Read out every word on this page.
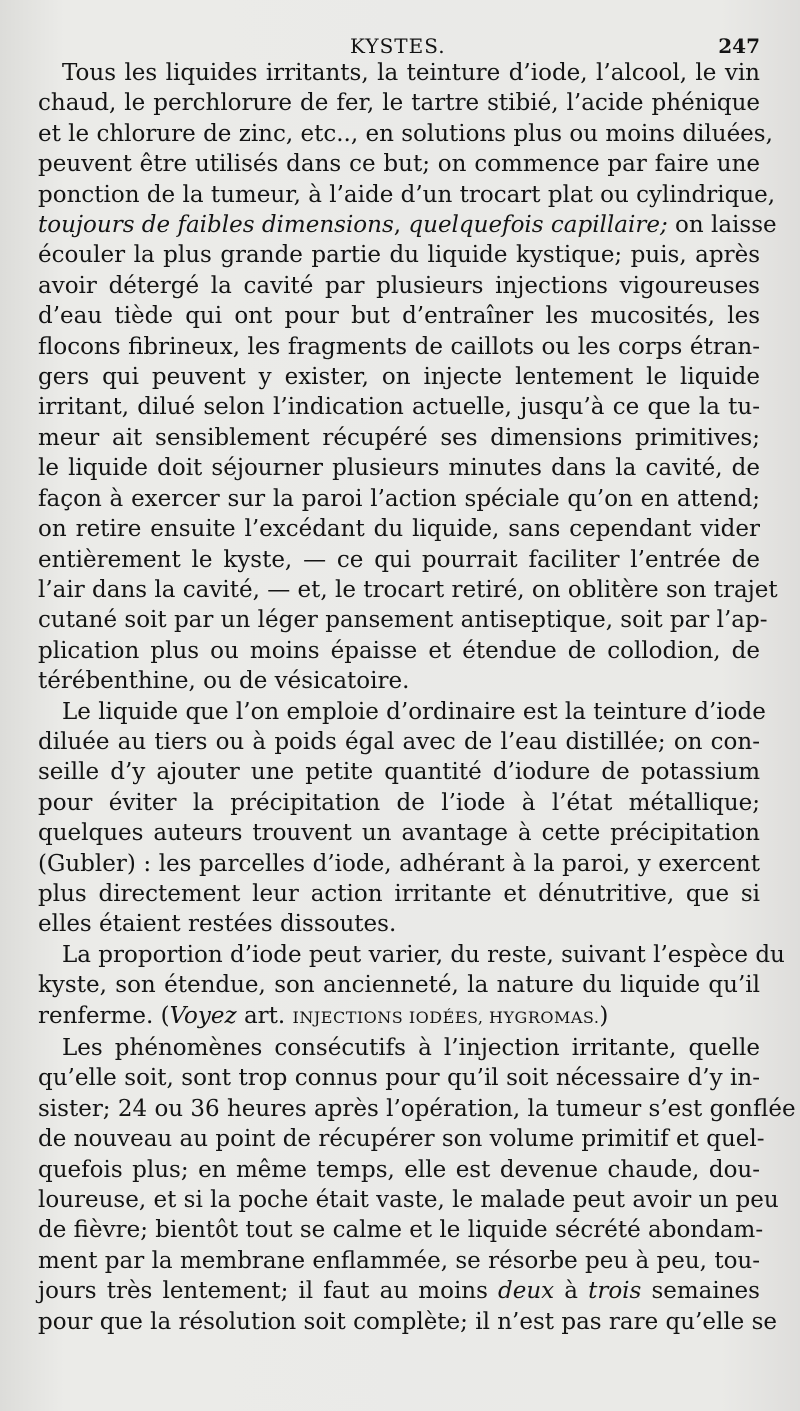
KYSTES.	247
Tous les liquides irritants, la teinture d’iode, l’alcool, le vin
chaud, le perchlorure de fer, le tartre stibié, l’acide phénique
et le chlorure de zinc, etc.., en solutions plus ou moins diluées,
peuvent être utilisés dans ce but; on commence par faire une
ponction de la tumeur, à l’aide d’un trocart plat ou cylindrique,
toujours de faibles dimensions, quelquefois capillaire; on laisse
écouler la plus grande partie du liquide kystique; puis, après
avoir détergé la cavité par plusieurs injections vigoureuses
d’eau tiède qui ont pour but d’entraîner les mucosités, les
flocons fibrineux, les fragments de caillots ou les corps étran-
gers qui peuvent y exister, on injecte lentement le liquide
irritant, dilué selon l’indication actuelle, jusqu’à ce que la tu-
meur ait sensiblement récupéré ses dimensions primitives;
le liquide doit séjourner plusieurs minutes dans la cavité, de
façon à exercer sur la paroi l’action spéciale qu’on en attend;
on retire ensuite l’excédant du liquide, sans cependant vider
entièrement le kyste, — ce qui pourrait faciliter l’entrée de
l’air dans la cavité, — et, le trocart retiré, on oblitère son trajet
cutané soit par un léger pansement antiseptique, soit par l’ap-
plication plus ou moins épaisse et étendue de collodion, de
térébenthine, ou de vésicatoire.
Le liquide que l’on emploie d’ordinaire est la teinture d’iode
diluée au tiers ou à poids égal avec de l’eau distillée; on con-
seille d’y ajouter une petite quantité d’iodure de potassium
pour éviter la précipitation de l’iode à l’état métallique;
quelques auteurs trouvent un avantage à cette précipitation
(Gubler) : les parcelles d’iode, adhérant à la paroi, y exercent
plus directement leur action irritante et dénutritive, que si
elles étaient restées dissoutes.
La proportion d’iode peut varier, du reste, suivant l’espèce du
kyste, son étendue, son ancienneté, la nature du liquide qu’il
renferme. (Voyez art. INJECTIONS IODÉES, HYGROMAS.)
Les phénomènes consécutifs à l’injection irritante, quelle
qu’elle soit, sont trop connus pour qu’il soit nécessaire d’y in-
sister; 24 ou 36 heures après l’opération, la tumeur s’est gonflée
de nouveau au point de récupérer son volume primitif et quel-
quefois plus; en même temps, elle est devenue chaude, dou-
loureuse, et si la poche était vaste, le malade peut avoir un peu
de fièvre; bientôt tout se calme et le liquide sécrété abondam-
ment par la membrane enflammée, se résorbe peu à peu, tou-
jours très lentement; il faut au moins deux à trois semaines
pour que la résolution soit complète; il n’est pas rare qu’elle se
